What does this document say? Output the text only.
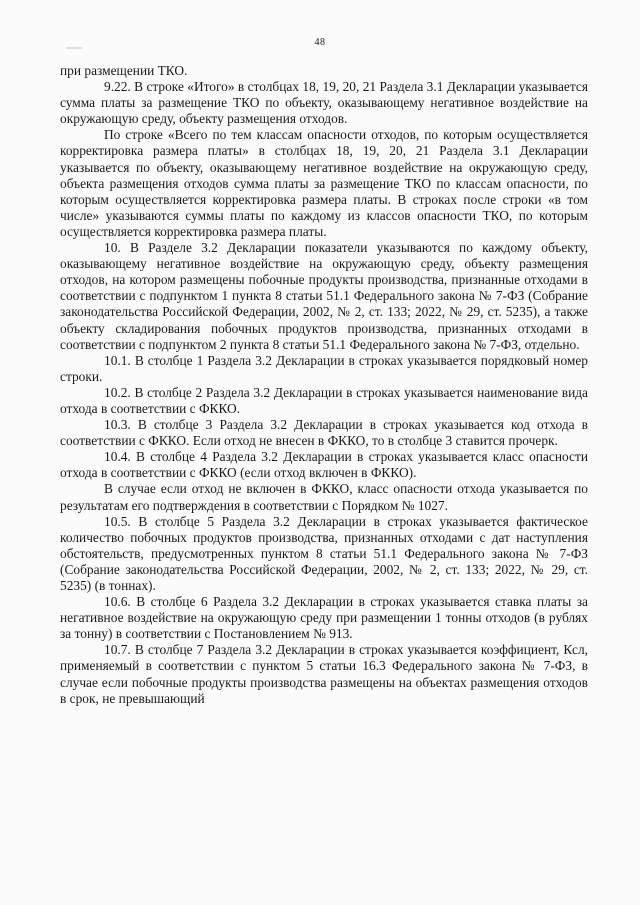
48

при размещении ТКО.

9.22. В строке «Итого» в столбцах 18, 19, 20, 21 Раздела 3.1 Декларации указывается сумма платы за размещение ТКО по объекту, оказывающему негативное воздействие на окружающую среду, объекту размещения отходов.

По строке «Всего по тем классам опасности отходов, по которым осуществляется корректировка размера платы» в столбцах 18, 19, 20, 21 Раздела 3.1 Декларации указывается по объекту, оказывающему негативное воздействие на окружающую среду, объекта размещения отходов сумма платы за размещение ТКО по классам опасности, по которым осуществляется корректировка размера платы. В строках после строки «в том числе» указываются суммы платы по каждому из классов опасности ТКО, по которым осуществляется корректировка размера платы.

10. В Разделе 3.2 Декларации показатели указываются по каждому объекту, оказывающему негативное воздействие на окружающую среду, объекту размещения отходов, на котором размещены побочные продукты производства, признанные отходами в соответствии с подпунктом 1 пункта 8 статьи 51.1 Федерального закона № 7-ФЗ (Собрание законодательства Российской Федерации, 2002, № 2, ст. 133; 2022, № 29, ст. 5235), а также объекту складирования побочных продуктов производства, признанных отходами в соответствии с подпунктом 2 пункта 8 статьи 51.1 Федерального закона № 7-ФЗ, отдельно.

10.1. В столбце 1 Раздела 3.2 Декларации в строках указывается порядковый номер строки.

10.2. В столбце 2 Раздела 3.2 Декларации в строках указывается наименование вида отхода в соответствии с ФККО.

10.3. В столбце 3 Раздела 3.2 Декларации в строках указывается код отхода в соответствии с ФККО. Если отход не внесен в ФККО, то в столбце 3 ставится прочерк.

10.4. В столбце 4 Раздела 3.2 Декларации в строках указывается класс опасности отхода в соответствии с ФККО (если отход включен в ФККО).

В случае если отход не включен в ФККО, класс опасности отхода указывается по результатам его подтверждения в соответствии с Порядком № 1027.

10.5. В столбце 5 Раздела 3.2 Декларации в строках указывается фактическое количество побочных продуктов производства, признанных отходами с дат наступления обстоятельств, предусмотренных пунктом 8 статьи 51.1 Федерального закона № 7-ФЗ (Собрание законодательства Российской Федерации, 2002, № 2, ст. 133; 2022, № 29, ст. 5235) (в тоннах).

10.6. В столбце 6 Раздела 3.2 Декларации в строках указывается ставка платы за негативное воздействие на окружающую среду при размещении 1 тонны отходов (в рублях за тонну) в соответствии с Постановлением № 913.

10.7. В столбце 7 Раздела 3.2 Декларации в строках указывается коэффициент, Ксл, применяемый в соответствии с пунктом 5 статьи 16.3 Федерального закона № 7-ФЗ, в случае если побочные продукты производства размещены на объектах размещения отходов в срок, не превышающий
